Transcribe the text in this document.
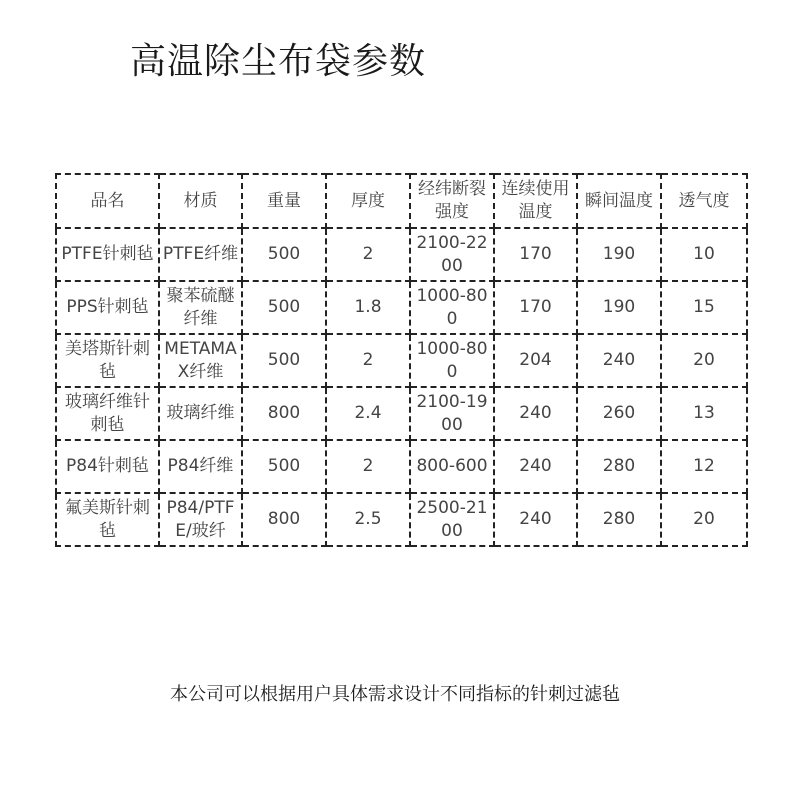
高温除尘布袋参数
品名	材质	重量	厚度	经纬断裂强度	连续使用温度	瞬间温度	透气度
PTFE针刺毡	PTFE纤维	500	2	2100-2200	170	190	10
PPS针刺毡	聚苯硫醚纤维	500	1.8	1000-800	170	190	15
美塔斯针刺毡	METAMAX纤维	500	2	1000-800	204	240	20
玻璃纤维针刺毡	玻璃纤维	800	2.4	2100-1900	240	260	13
P84针刺毡	P84纤维	500	2	800-600	240	280	12
氟美斯针刺毡	P84/PTFE/玻纤	800	2.5	2500-2100	240	280	20
本公司可以根据用户具体需求设计不同指标的针刺过滤毡
